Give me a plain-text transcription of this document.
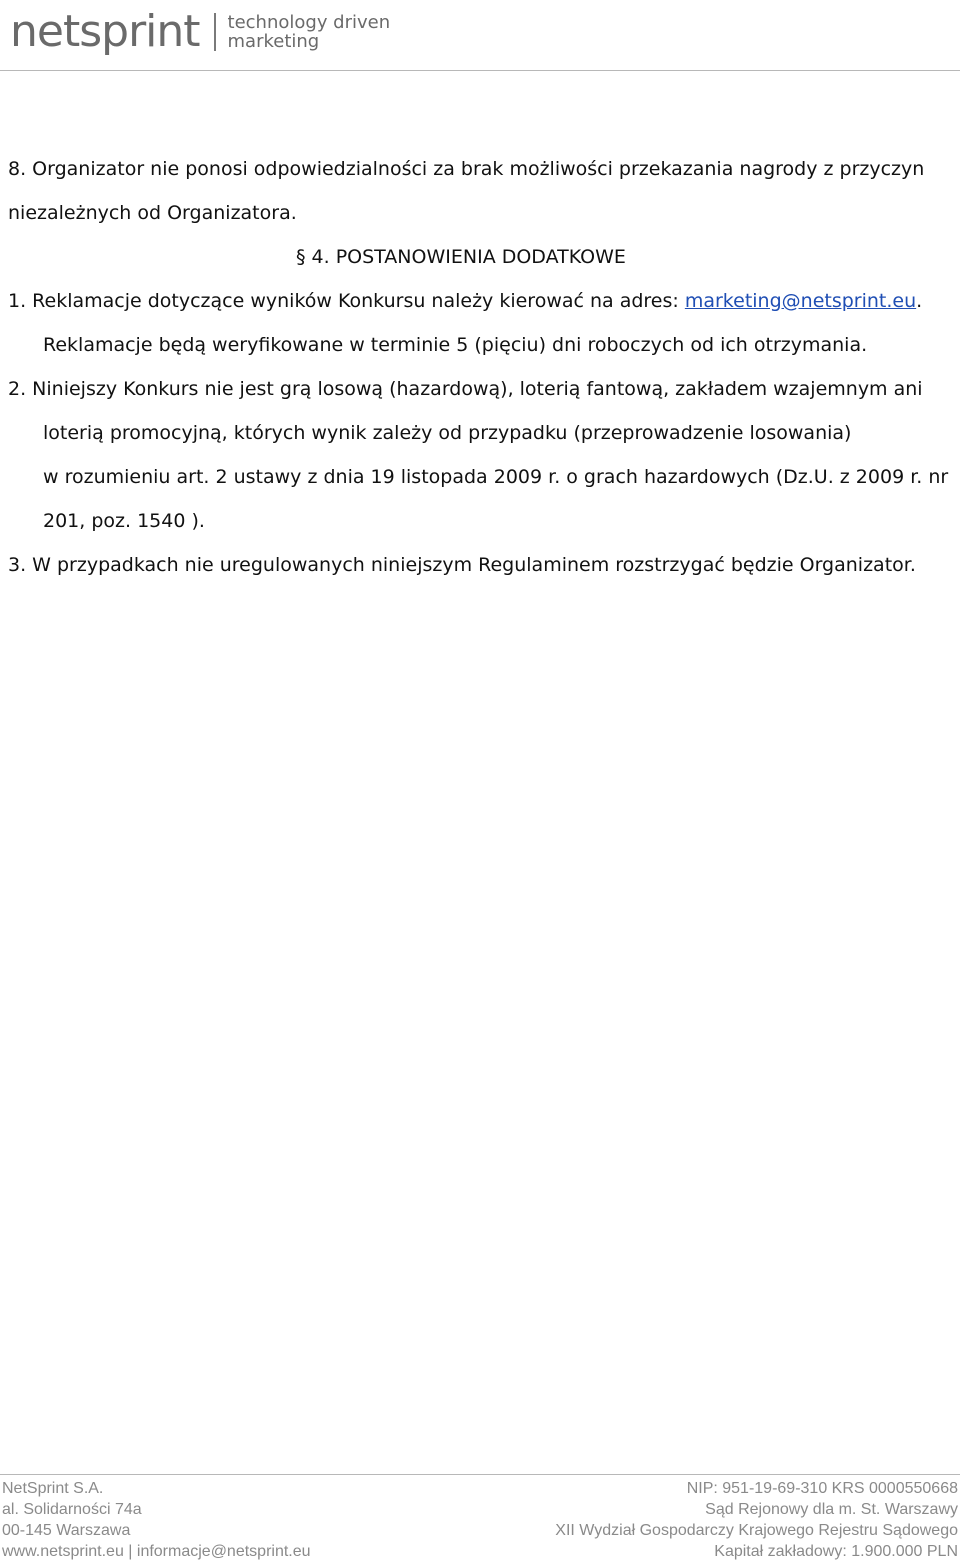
netsprint technology driven
marketing
8. Organizator nie ponosi odpowiedzialności za brak możliwości przekazania nagrody z przyczyn
niezależnych od Organizatora.
§ 4. POSTANOWIENIA DODATKOWE
1. Reklamacje dotyczące wyników Konkursu należy kierować na adres: marketing@netsprint.eu.
Reklamacje będą weryfikowane w terminie 5 (pięciu) dni roboczych od ich otrzymania.
2. Niniejszy Konkurs nie jest grą losową (hazardową), loterią fantową, zakładem wzajemnym ani
loterią promocyjną, których wynik zależy od przypadku (przeprowadzenie losowania)
w rozumieniu art. 2 ustawy z dnia 19 listopada 2009 r. o grach hazardowych (Dz.U. z 2009 r. nr
201, poz. 1540 ).
3. W przypadkach nie uregulowanych niniejszym Regulaminem rozstrzygać będzie Organizator.
NetSprint S.A.
al. Solidarności 74a
00-145 Warszawa
www.netsprint.eu | informacje@netsprint.eu
NIP: 951-19-69-310 KRS 0000550668
Sąd Rejonowy dla m. St. Warszawy
XII Wydział Gospodarczy Krajowego Rejestru Sądowego
Kapitał zakładowy: 1.900.000 PLN
